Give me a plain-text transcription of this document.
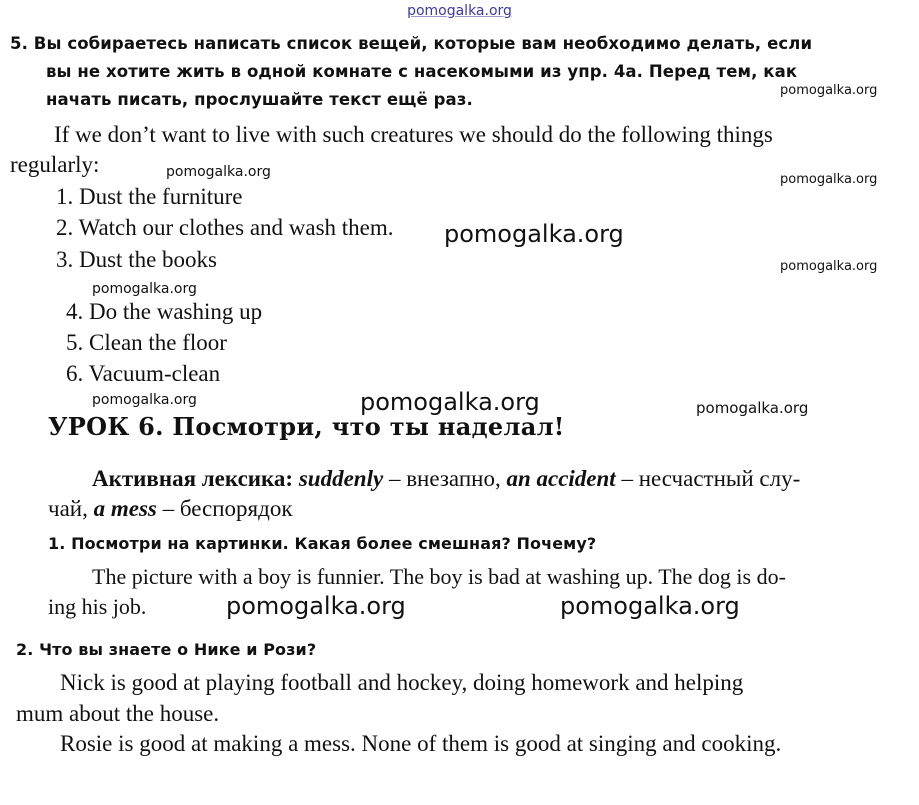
pomogalka.org
5. Вы собираетесь написать список вещей, которые вам необходимо делать, если
вы не хотите жить в одной комнате с насекомыми из упр. 4а. Перед тем, как
начать писать, прослушайте текст ещё раз.
If we don’t want to live with such creatures we should do the following things
regularly:
1. Dust the furniture
2. Watch our clothes and wash them.
3. Dust the books
4. Do the washing up
5. Clean the floor
6. Vacuum-clean
УРОК 6. Посмотри, что ты наделал!
Активная лексика: suddenly – внезапно, an accident – несчастный слу-
чай, a mess – беспорядок
1. Посмотри на картинки. Какая более смешная? Почему?
The picture with a boy is funnier. The boy is bad at washing up. The dog is do-
ing his job.
2. Что вы знаете о Нике и Рози?
Nick is good at playing football and hockey, doing homework and helping
mum about the house.
Rosie is good at making a mess. None of them is good at singing and cooking.
pomogalka.org
pomogalka.org	pomogalka.org
pomogalka.org
pomogalka.org
pomogalka.org
pomogalka.org	pomogalka.org	pomogalka.org
pomogalka.org	pomogalka.org
